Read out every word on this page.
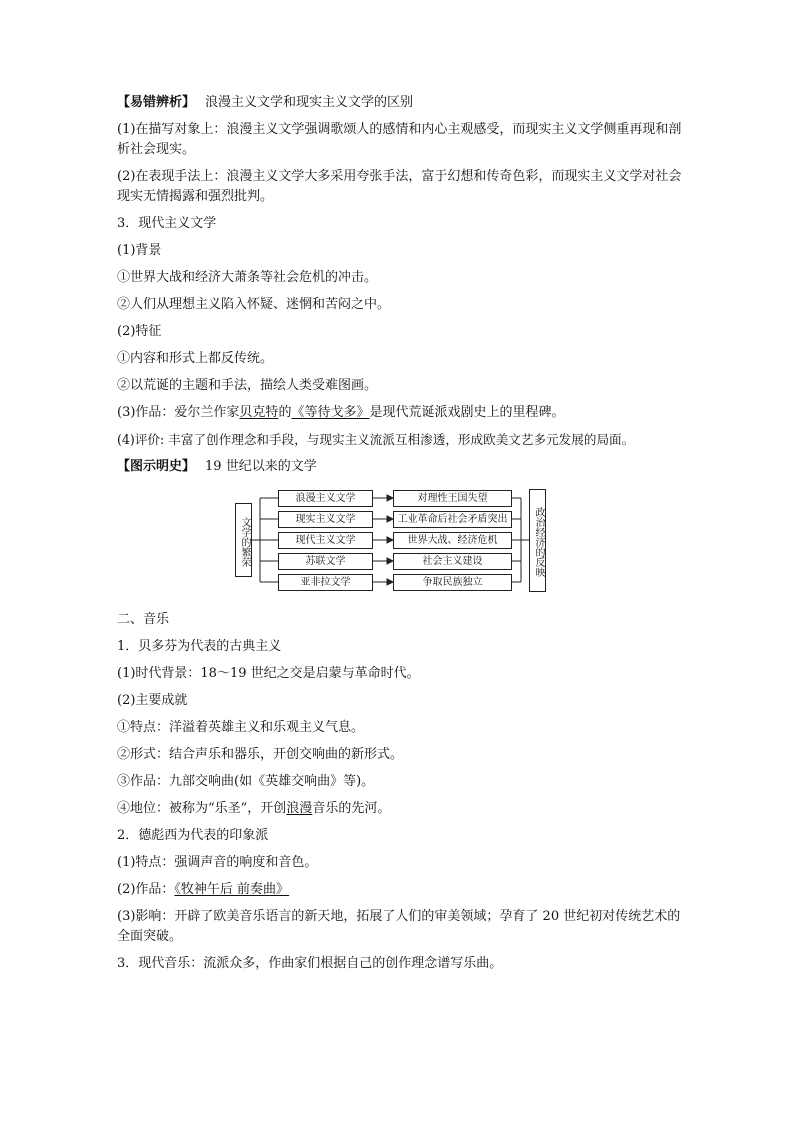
【易错辨析】 浪漫主义文学和现实主义文学的区别
(1)在描写对象上：浪漫主义文学强调歌颂人的感情和内心主观感受，而现实主义文学侧重再现和剖析社会现实。
(2)在表现手法上：浪漫主义文学大多采用夸张手法，富于幻想和传奇色彩，而现实主义文学对社会现实无情揭露和强烈批判。
3．现代主义文学
(1)背景
①世界大战和经济大萧条等社会危机的冲击。
②人们从理想主义陷入怀疑、迷惘和苦闷之中。
(2)特征
①内容和形式上都反传统。
②以荒诞的主题和手法，描绘人类受难图画。
(3)作品：爱尔兰作家贝克特的《等待戈多》是现代荒诞派戏剧史上的里程碑。
(4)评价: 丰富了创作理念和手段，与现实主义流派互相渗透，形成欧美文艺多元发展的局面。
【图示明史】 19 世纪以来的文学
文学的繁荣	政治经济的反映
浪漫主义文学
现实主义文学
现代主义文学
苏联文学
亚非拉文学
对理性王国失望
工业革命后社会矛盾突出
世界大战、经济危机
社会主义建设
争取民族独立
二、音乐
1．贝多芬为代表的古典主义
(1)时代背景：18～19 世纪之交是启蒙与革命时代。
(2)主要成就
①特点：洋溢着英雄主义和乐观主义气息。
②形式：结合声乐和器乐，开创交响曲的新形式。
③作品：九部交响曲(如《英雄交响曲》等)。
④地位：被称为“乐圣”，开创浪漫音乐的先河。
2．德彪西为代表的印象派
(1)特点：强调声音的响度和音色。
(2)作品：《牧神午后 前奏曲》
(3)影响：开辟了欧美音乐语言的新天地，拓展了人们的审美领域；孕育了 20 世纪初对传统艺术的全面突破。
3．现代音乐：流派众多，作曲家们根据自己的创作理念谱写乐曲。
